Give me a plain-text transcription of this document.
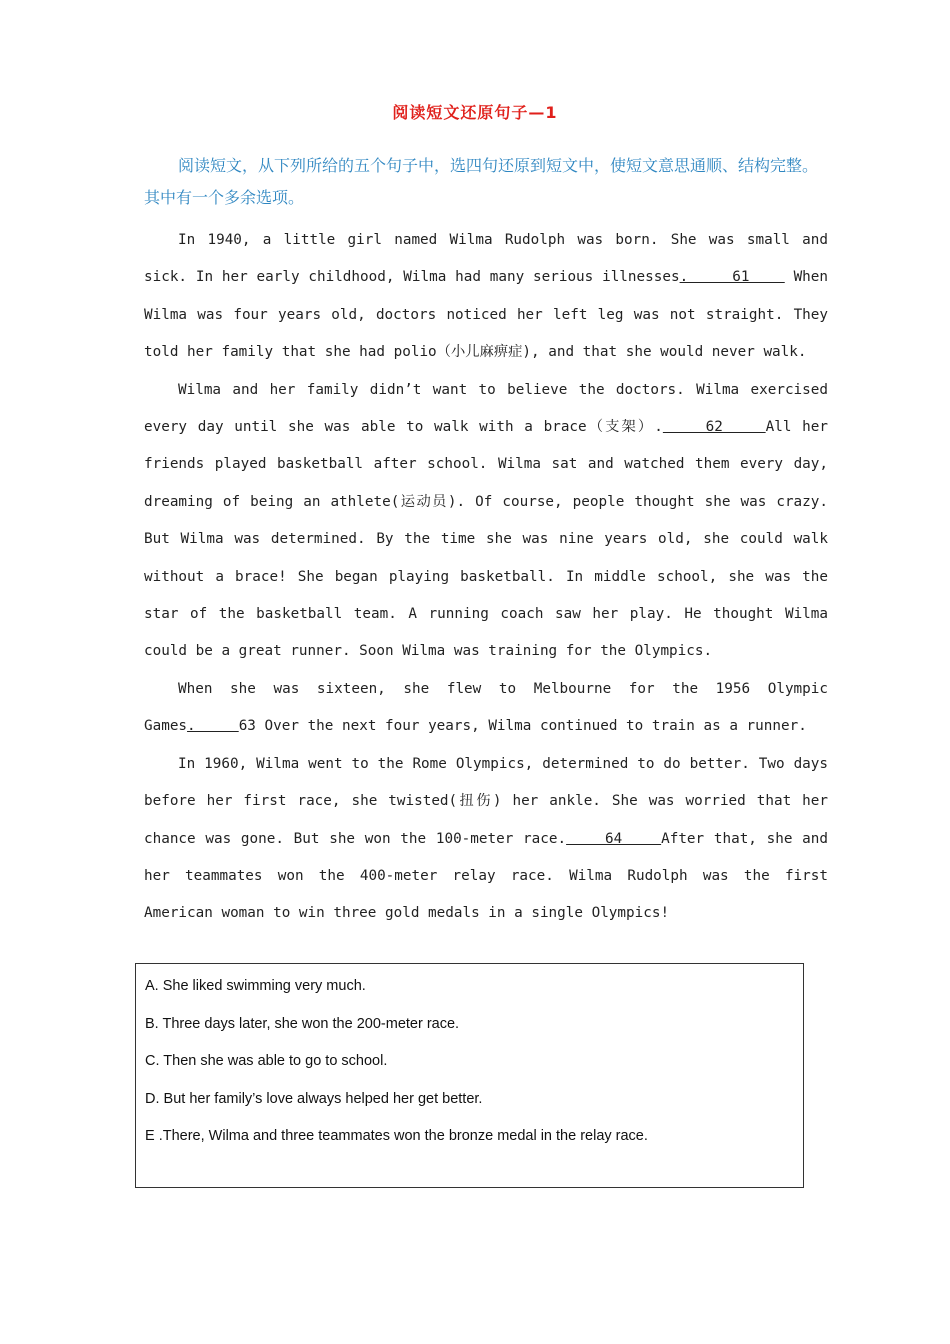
阅读短文还原句子—1
阅读短文，从下列所给的五个句子中，选四句还原到短文中，使短文意思通顺、结构完整。其中有一个多余选项。

In 1940, a little girl named Wilma Rudolph was born. She was small and sick. In her early childhood, Wilma had many serious illnesses.     61     When Wilma was four years old, doctors noticed her left leg was not straight. They told her family that she had polio（小儿麻痹症), and that she would never walk.

Wilma and her family didn’t want to believe the doctors. Wilma exercised every day until she was able to walk with a brace（支架）.    62    All her friends played basketball after school. Wilma sat and watched them every day, dreaming of being an athlete(运动员). Of course, people thought she was crazy. But Wilma was determined. By the time she was nine years old, she could walk without a brace! She began playing basketball. In middle school, she was the star of the basketball team. A running coach saw her play. He thought Wilma could be a great runner. Soon Wilma was training for the Olympics.

When she was sixteen, she flew to Melbourne for the 1956 Olympic Games.     63 Over the next four years, Wilma continued to train as a runner.

In 1960, Wilma went to the Rome Olympics, determined to do better. Two days before her first race, she twisted(扭伤) her ankle. She was worried that her chance was gone. But she won the 100-meter race.    64    After that, she and her teammates won the 400-meter relay race. Wilma Rudolph was the first American woman to win three gold medals in a single Olympics!

A. She liked swimming very much.
B. Three days later, she won the 200-meter race.
C. Then she was able to go to school.
D. But her family’s love always helped her get better.
E .There, Wilma and three teammates won the bronze medal in the relay race.
